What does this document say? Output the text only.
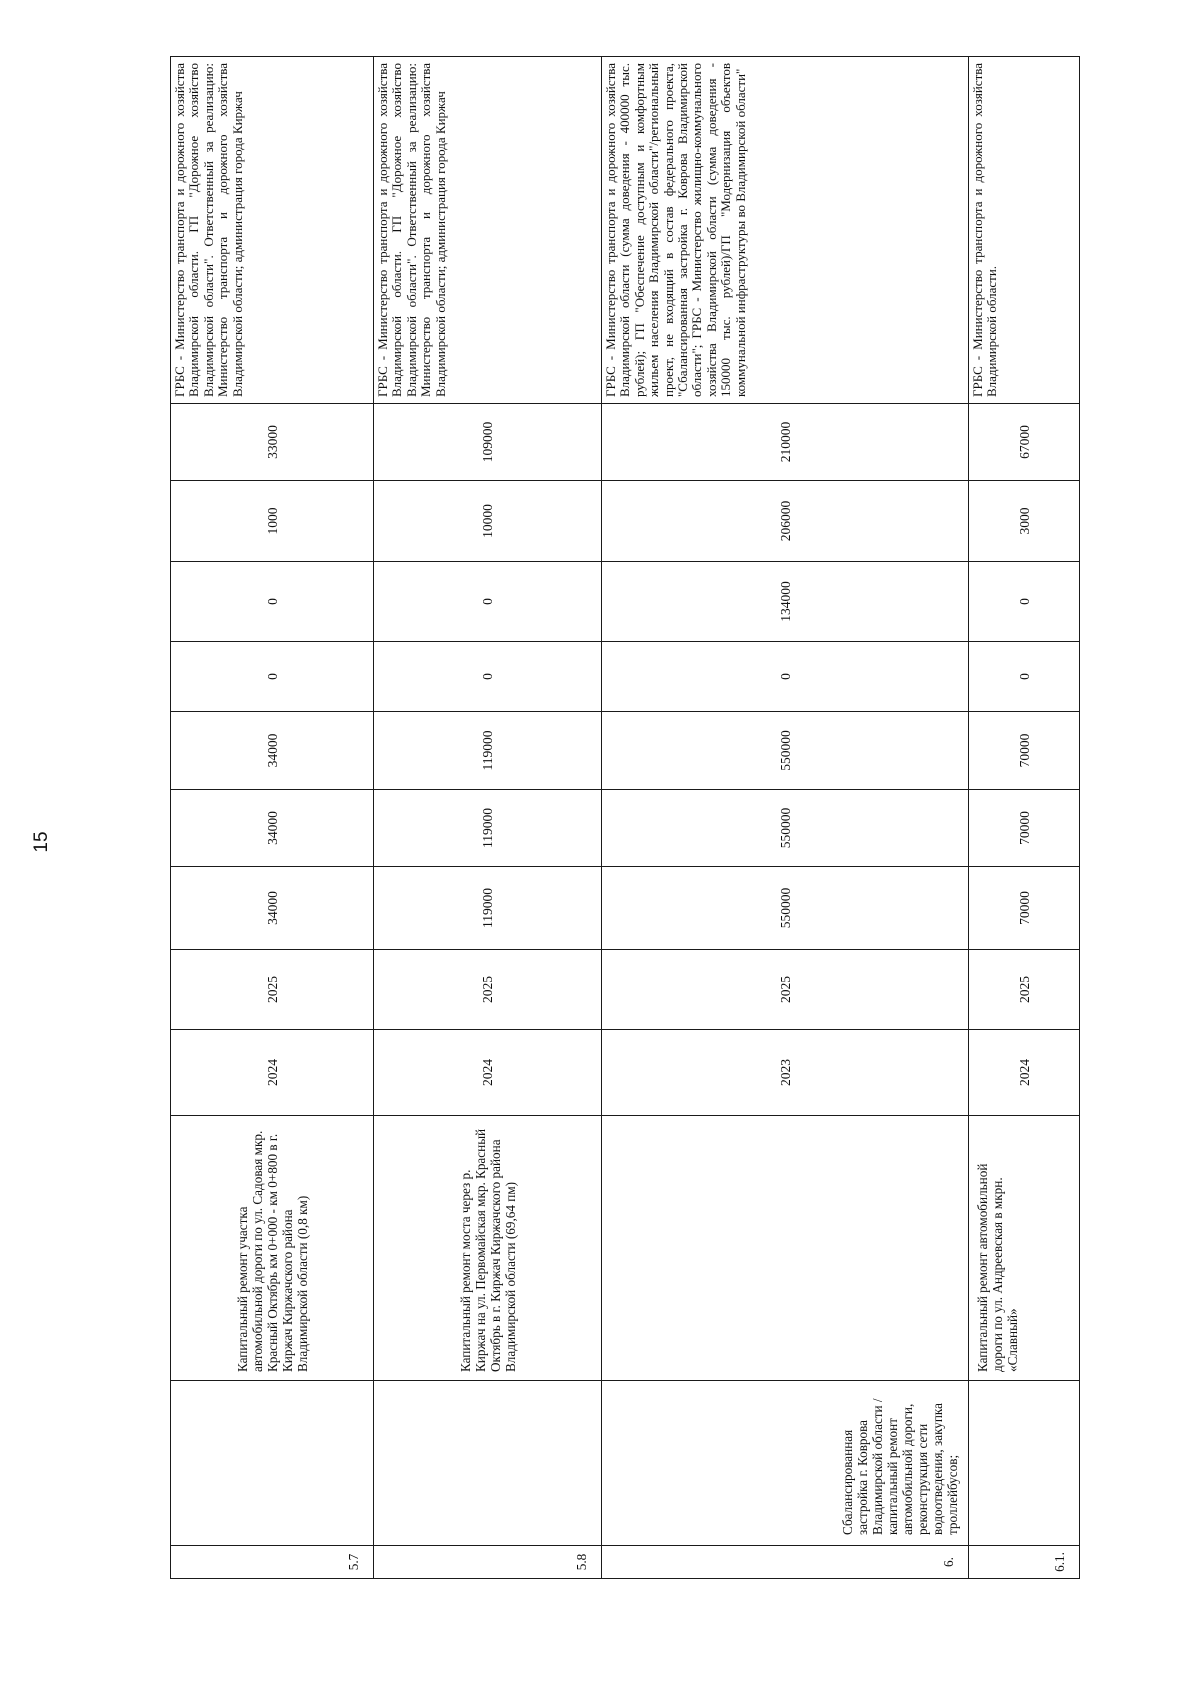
15
5.7		Капитальный ремонт участка автомобильной дороги по ул. Садовая мкр. Красный Октябрь км 0+000 - км 0+800 в г. Киржач Киржачского района Владимирской области (0,8 км)	2024	2025	34000	34000	34000	0	0	1000	33000	ГРБС - Министерство транспорта и дорожного хозяйства Владимирской области. ГП "Дорожное хозяйство Владимирской области". Ответственный за реализацию: Министерство транспорта и дорожного хозяйства Владимирской области; администрация города Киржач
5.8		Капитальный ремонт моста через р. Киржач на ул. Первомайская мкр. Красный Октябрь в г. Киржач Киржачского района Владимирской области (69,64 пм)	2024	2025	119000	119000	119000	0	0	10000	109000	ГРБС - Министерство транспорта и дорожного хозяйства Владимирской области. ГП "Дорожное хозяйство Владимирской области". Ответственный за реализацию: Министерство транспорта и дорожного хозяйства Владимирской области; администрация города Киржач
6.	Сбалансированная застройка г. Коврова Владимирской области / капитальный ремонт автомобильной дороги, реконструкция сети водоотведения, закупка троллейбусов;		2023	2025	550000	550000	550000	0	134000	206000	210000	ГРБС - Министерство транспорта и дорожного хозяйства Владимирской области (сумма доведения - 400000 тыс. рублей); ГП "Обеспечение доступным и комфортным жильем населения Владимирской области"/региональный проект, не входящий в состав федерального проекта, "Сбалансированная застройка г. Коврова Владимирской области"; ГРБС - Министерство жилищно-коммунального хозяйства Владимирской области (сумма доведения - 150000 тыс. рублей)/ГП "Модернизация объектов коммунальной инфраструктуры во Владимирской области"
6.1.		Капитальный ремонт автомобильной дороги по ул. Андреевская в мкрн. «Славный»	2024	2025	70000	70000	70000	0	0	3000	67000	ГРБС - Министерство транспорта и дорожного хозяйства Владимирской области.
